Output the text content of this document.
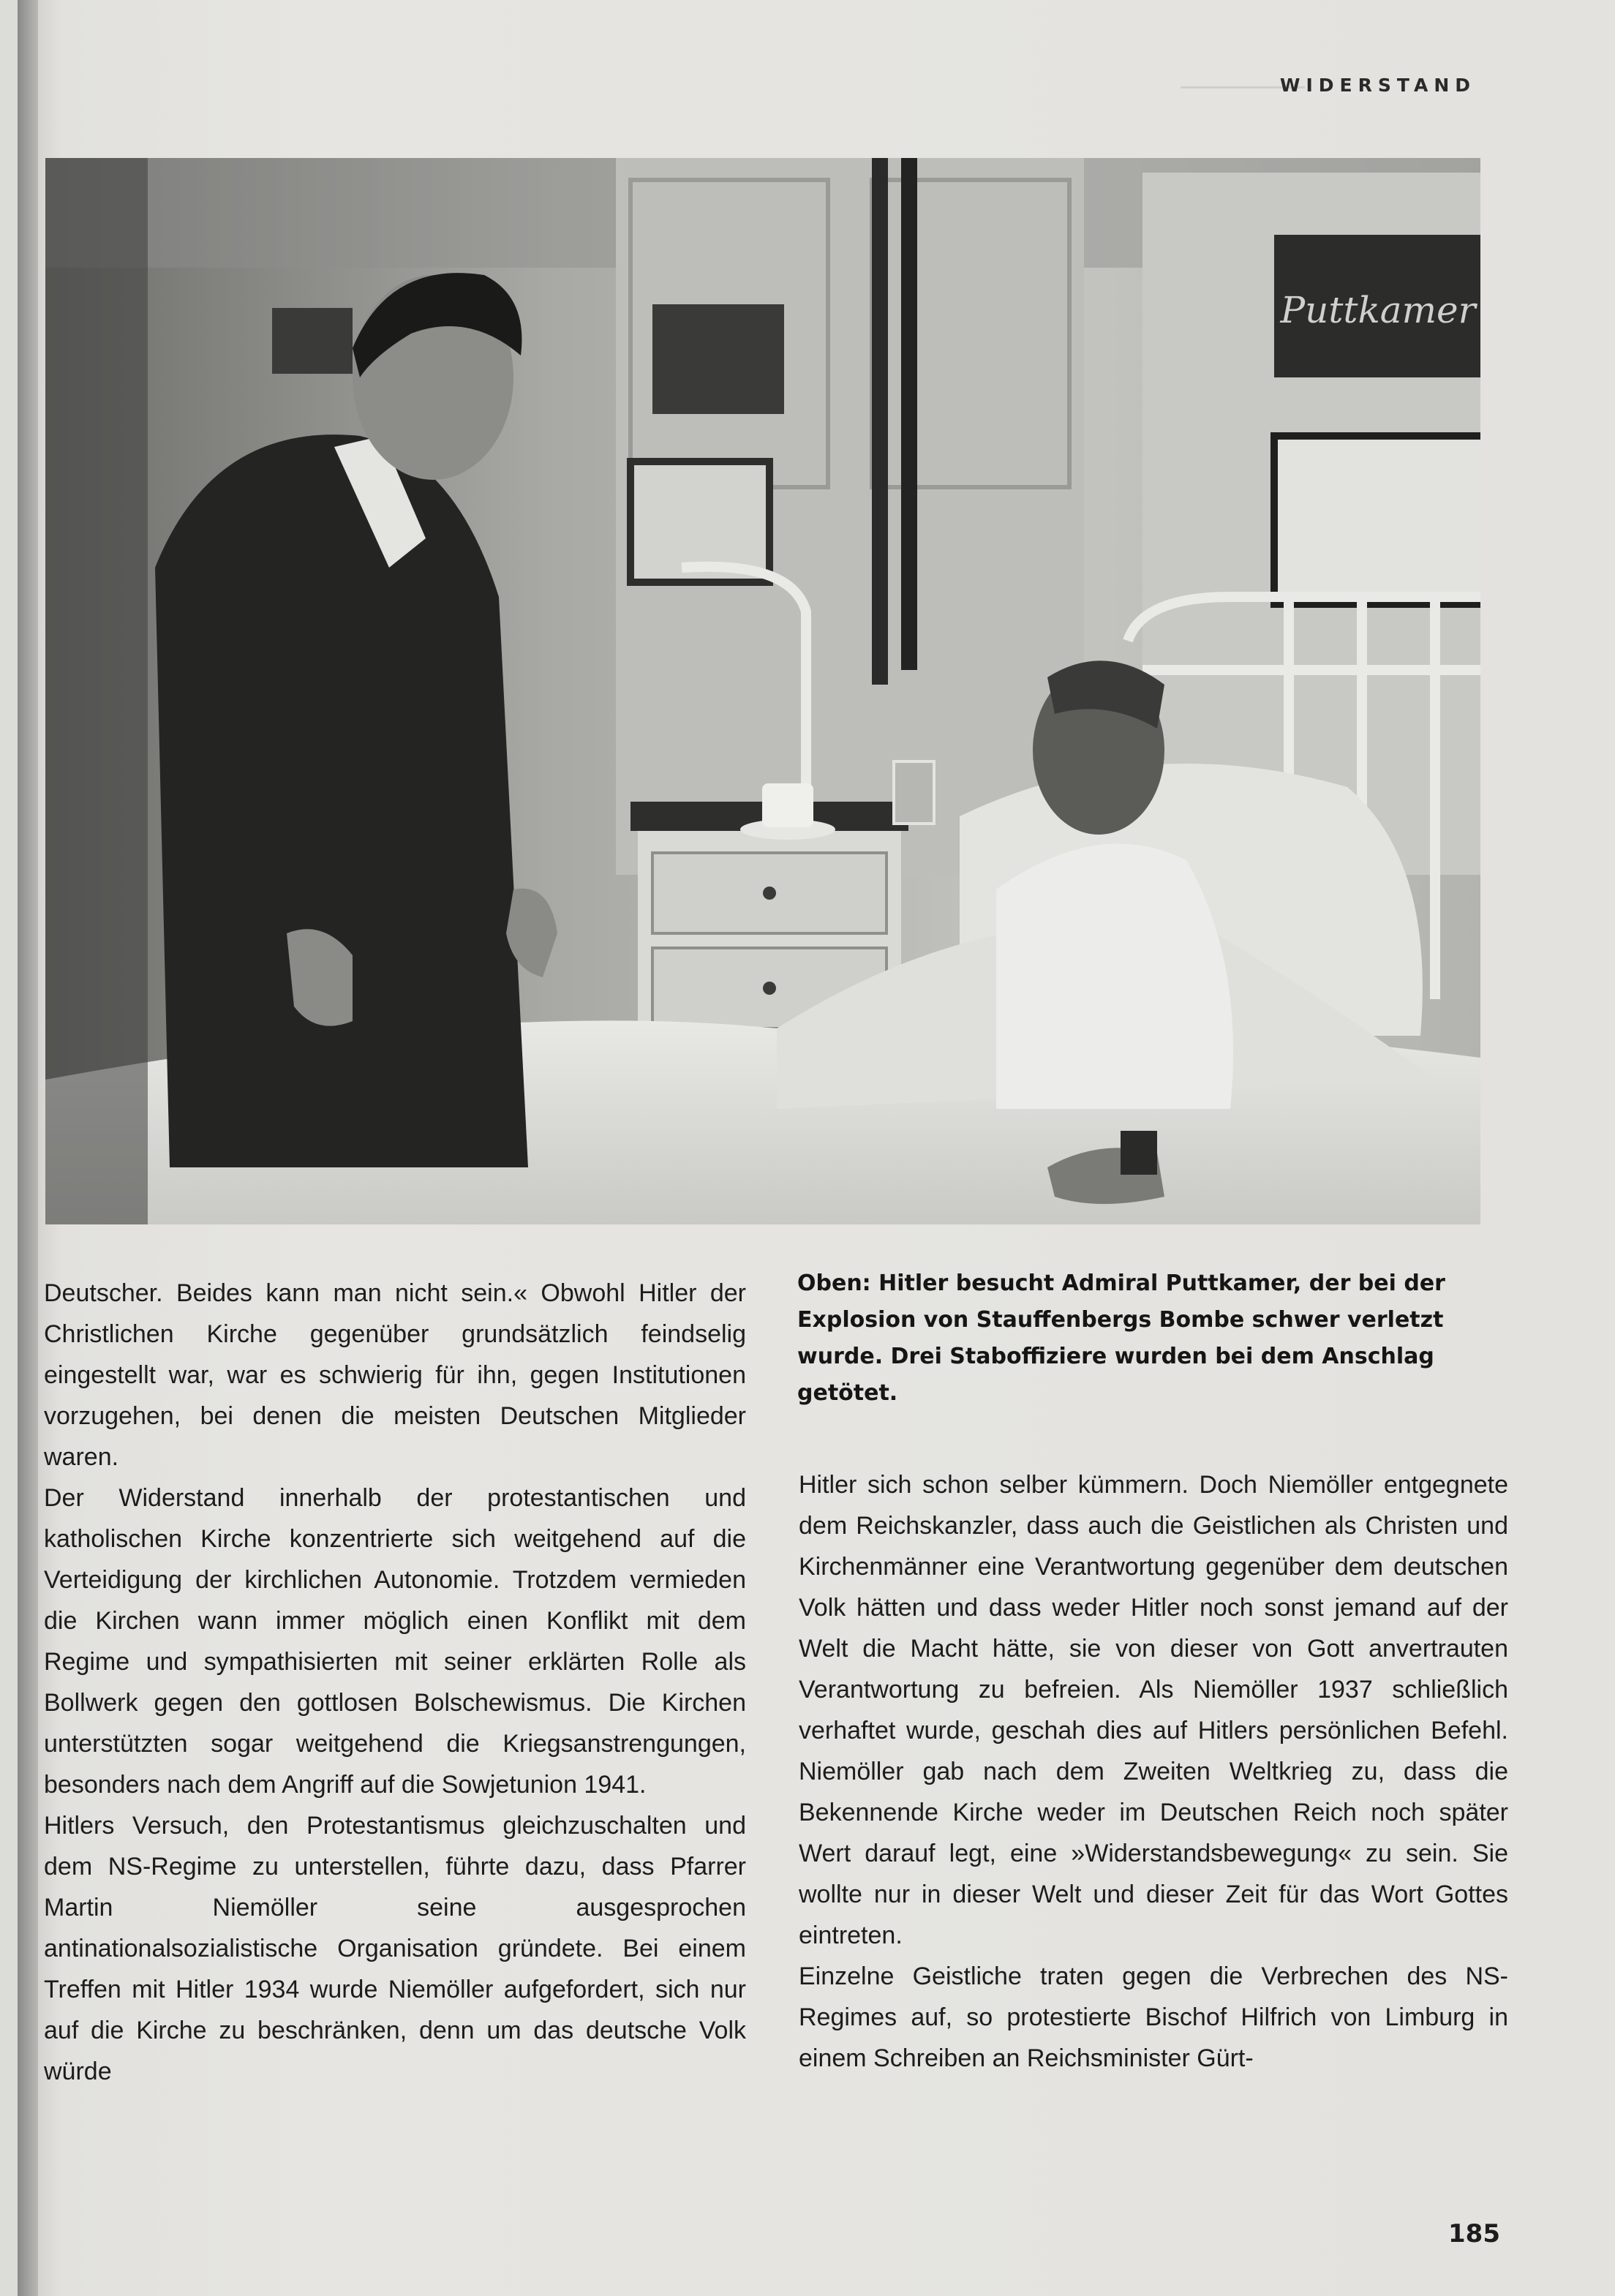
WIDERSTAND
Puttkamer
Oben: Hitler besucht Admiral Puttkamer, der bei der Explosion von Stauffenbergs Bombe schwer verletzt wurde. Drei Staboffiziere wurden bei dem Anschlag getötet.

Deutscher. Beides kann man nicht sein.« Obwohl Hitler der Christlichen Kirche gegenüber grundsätzlich feindselig eingestellt war, war es schwierig für ihn, gegen Institutionen vorzugehen, bei denen die meisten Deutschen Mitglieder waren.

Der Widerstand innerhalb der protestantischen und katholischen Kirche konzentrierte sich weitgehend auf die Verteidigung der kirchlichen Autonomie. Trotzdem vermieden die Kirchen wann immer möglich einen Konflikt mit dem Regime und sympathisierten mit seiner erklärten Rolle als Bollwerk gegen den gottlosen Bolschewismus. Die Kirchen unterstützten sogar weitgehend die Kriegsanstrengungen, besonders nach dem Angriff auf die Sowjetunion 1941.

Hitlers Versuch, den Protestantismus gleichzuschalten und dem NS-Regime zu unterstellen, führte dazu, dass Pfarrer Martin Niemöller seine ausgesprochen antinationalsozialistische Organisation gründete. Bei einem Treffen mit Hitler 1934 wurde Niemöller aufgefordert, sich nur auf die Kirche zu beschränken, denn um das deutsche Volk würde

Hitler sich schon selber kümmern. Doch Niemöller entgegnete dem Reichskanzler, dass auch die Geistlichen als Christen und Kirchenmänner eine Verantwortung gegenüber dem deutschen Volk hätten und dass weder Hitler noch sonst jemand auf der Welt die Macht hätte, sie von dieser von Gott anvertrauten Verantwortung zu befreien. Als Niemöller 1937 schließlich verhaftet wurde, geschah dies auf Hitlers persönlichen Befehl. Niemöller gab nach dem Zweiten Weltkrieg zu, dass die Bekennende Kirche weder im Deutschen Reich noch später Wert darauf legt, eine »Widerstandsbewegung« zu sein. Sie wollte nur in dieser Welt und dieser Zeit für das Wort Gottes eintreten.

Einzelne Geistliche traten gegen die Verbrechen des NS-Regimes auf, so protestierte Bischof Hilfrich von Limburg in einem Schreiben an Reichsminister Gürt-

185
